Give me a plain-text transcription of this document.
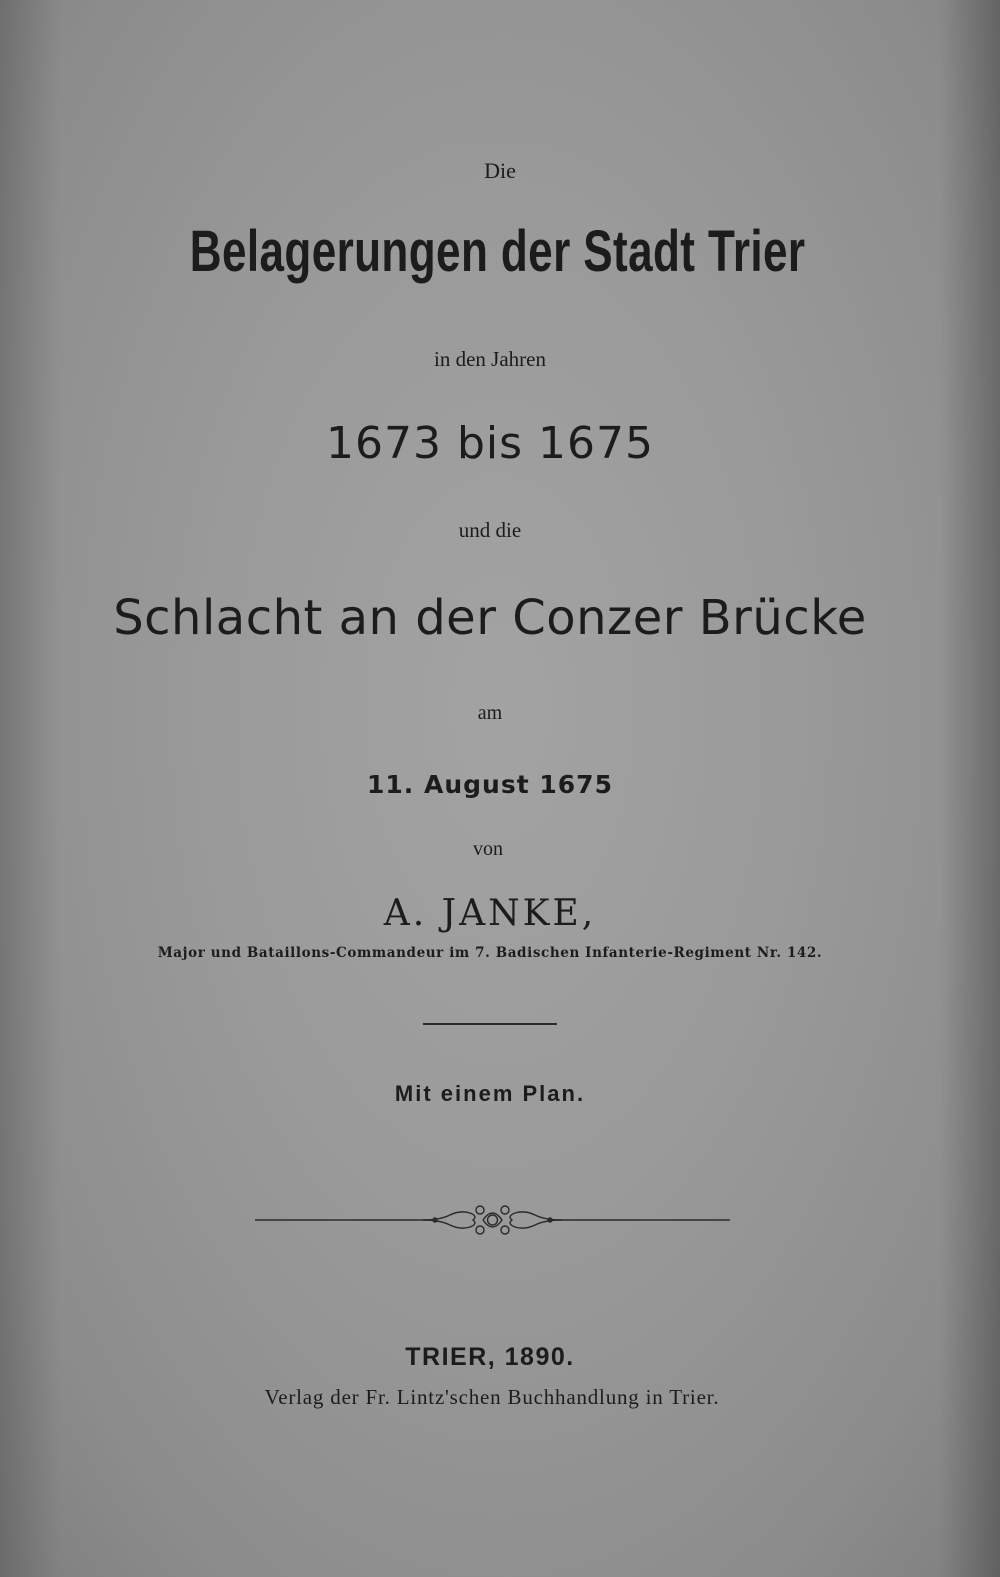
Die

Belagerungen der Stadt Trier

in den Jahren

1673 bis 1675

und die

Schlacht an der Conzer Brücke

am

11. August 1675

von

A. JANKE,

Major und Bataillons-Commandeur im 7. Badischen Infanterie-Regiment Nr. 142.

Mit einem Plan.

TRIER, 1890.

Verlag der Fr. Lintz'schen Buchhandlung in Trier.
